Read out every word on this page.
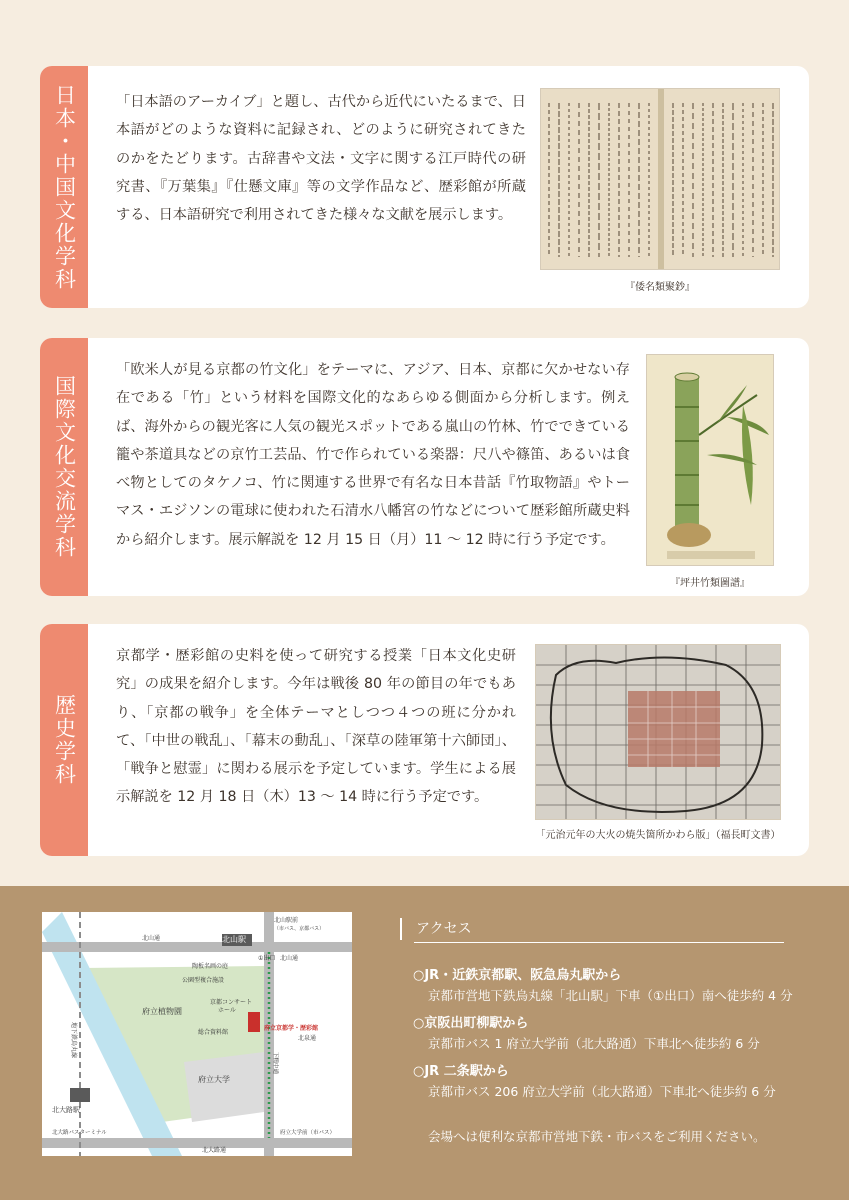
日本・中国文化学科	「日本語のアーカイブ」と題し、古代から近代にいたるまで、日本語がどのような資料に記録され、どのように研究されてきたのかをたどります。古辞書や文法・文字に関する江戸時代の研究書、『万葉集』『仕懸文庫』等の文学作品など、歴彩館が所蔵する、日本語研究で利用されてきた様々な文献を展示します。

『倭名類聚鈔』
国際文化交流学科

「欧米人が見る京都の竹文化」をテーマに、アジア、日本、京都に欠かせない存在である「竹」という材料を国際文化的なあらゆる側面から分析します。例えば、海外からの観光客に人気の観光スポットである嵐山の竹林、竹でできている籠や茶道具などの京竹工芸品、竹で作られている楽器：尺八や篠笛、あるいは食べ物としてのタケノコ、竹に関連する世界で有名な日本昔話『竹取物語』やトーマス・エジソンの電球に使われた石清水八幡宮の竹などについて歴彩館所蔵史料から紹介します。展示解説を 12 月 15 日（月）11 ～ 12 時に行う予定です。

『坪井竹類圖譜』
歴史学科

京都学・歴彩館の史料を使って研究する授業「日本文化史研究」の成果を紹介します。今年は戦後 80 年の節目の年でもあり、「京都の戦争」を全体テーマとしつつ４つの班に分かれて、「中世の戦乱」、「幕末の動乱」、「深草の陸軍第十六師団」、「戦争と慰霊」に関わる展示を予定しています。学生による展示解説を 12 月 18 日（木）13 ～ 14 時に行う予定です。

「元治元年の大火の焼失箇所かわら版」（福長町文書）
北山駅
北山通
①出口
北山駅前
（市バス、京都バス）
北山通
陶板名画の庭
公園型複合施設
京都コンサート
ホール
府立植物園
総合資料館
府立京都学・歴彩館
府立大学
下鴨中通
北泉通
地下鉄烏丸線
北大路駅
北大路バスターミナル
北大路通
府立大学前（市バス）
アクセス
○JR・近鉄京都駅、阪急烏丸駅から
京都市営地下鉄烏丸線「北山駅」下車（①出口）南へ徒歩約 4 分
○京阪出町柳駅から
京都市バス 1 府立大学前（北大路通）下車北へ徒歩約 6 分
○JR 二条駅から
京都市バス 206 府立大学前（北大路通）下車北へ徒歩約 6 分
会場へは便利な京都市営地下鉄・市バスをご利用ください。
